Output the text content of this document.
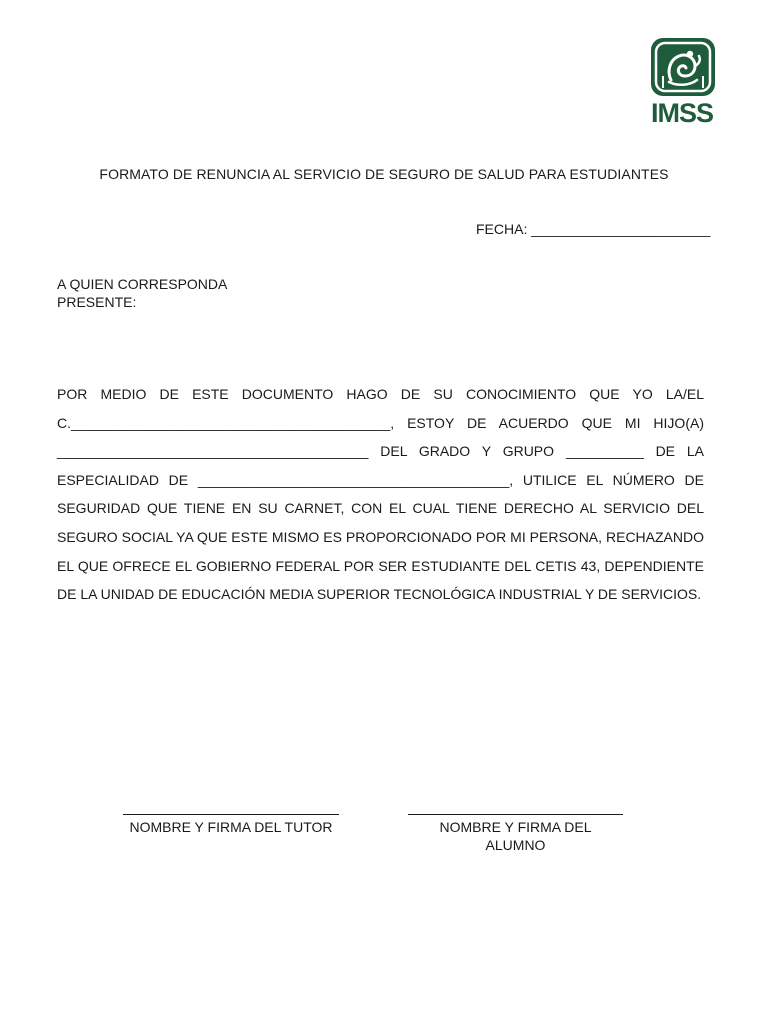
IMSS
FORMATO DE RENUNCIA AL SERVICIO DE SEGURO DE SALUD PARA ESTUDIANTES
FECHA: _______________________
A QUIEN CORRESPONDA
PRESENTE:
POR MEDIO DE ESTE DOCUMENTO HAGO DE SU CONOCIMIENTO QUE YO LA/EL
C._________________________________________, ESTOY DE ACUERDO QUE MI HIJO(A)
________________________________________ DEL GRADO Y GRUPO __________ DE LA
ESPECIALIDAD DE ________________________________________, UTILICE EL NÚMERO DE
SEGURIDAD QUE TIENE EN SU CARNET, CON EL CUAL TIENE DERECHO AL SERVICIO DEL
SEGURO SOCIAL YA QUE ESTE MISMO ES PROPORCIONADO POR MI PERSONA, RECHAZANDO
EL QUE OFRECE EL GOBIERNO FEDERAL POR SER ESTUDIANTE DEL CETIS 43, DEPENDIENTE
DE LA UNIDAD DE EDUCACIÓN MEDIA SUPERIOR TECNOLÓGICA INDUSTRIAL Y DE SERVICIOS.
NOMBRE Y FIRMA DEL TUTOR	NOMBRE Y FIRMA DEL ALUMNO
